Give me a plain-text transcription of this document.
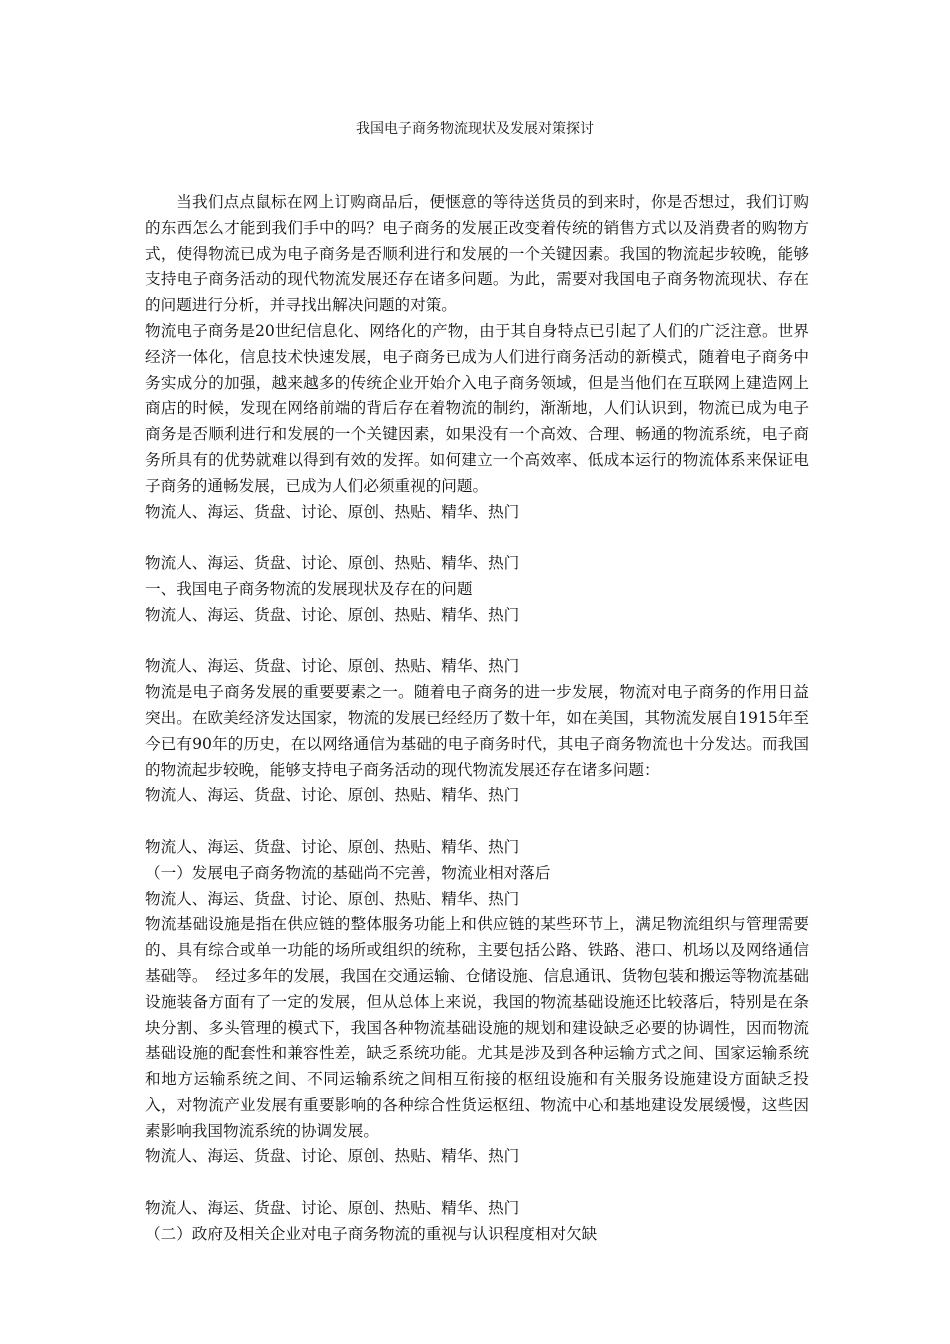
我国电子商务物流现状及发展对策探讨

当我们点点鼠标在网上订购商品后，便惬意的等待送货员的到来时，你是否想过，我们订购的东西怎么才能到我们手中的吗？电子商务的发展正改变着传统的销售方式以及消费者的购物方式，使得物流已成为电子商务是否顺利进行和发展的一个关键因素。我国的物流起步较晚，能够支持电子商务活动的现代物流发展还存在诸多问题。为此，需要对我国电子商务物流现状、存在的问题进行分析，并寻找出解决问题的对策。

物流电子商务是20世纪信息化、网络化的产物，由于其自身特点已引起了人们的广泛注意。世界经济一体化，信息技术快速发展，电子商务已成为人们进行商务活动的新模式，随着电子商务中务实成分的加强，越来越多的传统企业开始介入电子商务领域，但是当他们在互联网上建造网上商店的时候，发现在网络前端的背后存在着物流的制约，渐渐地，人们认识到，物流已成为电子商务是否顺利进行和发展的一个关键因素，如果没有一个高效、合理、畅通的物流系统，电子商务所具有的优势就难以得到有效的发挥。如何建立一个高效率、低成本运行的物流体系来保证电子商务的通畅发展，已成为人们必须重视的问题。

物流人、海运、货盘、讨论、原创、热贴、精华、热门

物流人、海运、货盘、讨论、原创、热贴、精华、热门

一、我国电子商务物流的发展现状及存在的问题

物流人、海运、货盘、讨论、原创、热贴、精华、热门

物流人、海运、货盘、讨论、原创、热贴、精华、热门

物流是电子商务发展的重要要素之一。随着电子商务的进一步发展，物流对电子商务的作用日益突出。在欧美经济发达国家，物流的发展已经经历了数十年，如在美国，其物流发展自1915年至今已有90年的历史，在以网络通信为基础的电子商务时代，其电子商务物流也十分发达。而我国的物流起步较晚，能够支持电子商务活动的现代物流发展还存在诸多问题：

物流人、海运、货盘、讨论、原创、热贴、精华、热门

物流人、海运、货盘、讨论、原创、热贴、精华、热门

（一）发展电子商务物流的基础尚不完善，物流业相对落后

物流人、海运、货盘、讨论、原创、热贴、精华、热门

物流基础设施是指在供应链的整体服务功能上和供应链的某些环节上，满足物流组织与管理需要的、具有综合或单一功能的场所或组织的统称，主要包括公路、铁路、港口、机场以及网络通信基础等。　经过多年的发展，我国在交通运输、仓储设施、信息通讯、货物包装和搬运等物流基础设施装备方面有了一定的发展，但从总体上来说，我国的物流基础设施还比较落后，特别是在条块分割、多头管理的模式下，我国各种物流基础设施的规划和建设缺乏必要的协调性，因而物流基础设施的配套性和兼容性差，缺乏系统功能。尤其是涉及到各种运输方式之间、国家运输系统和地方运输系统之间、不同运输系统之间相互衔接的枢纽设施和有关服务设施建设方面缺乏投入，对物流产业发展有重要影响的各种综合性货运枢纽、物流中心和基地建设发展缓慢，这些因素影响我国物流系统的协调发展。

物流人、海运、货盘、讨论、原创、热贴、精华、热门

物流人、海运、货盘、讨论、原创、热贴、精华、热门

（二）政府及相关企业对电子商务物流的重视与认识程度相对欠缺
